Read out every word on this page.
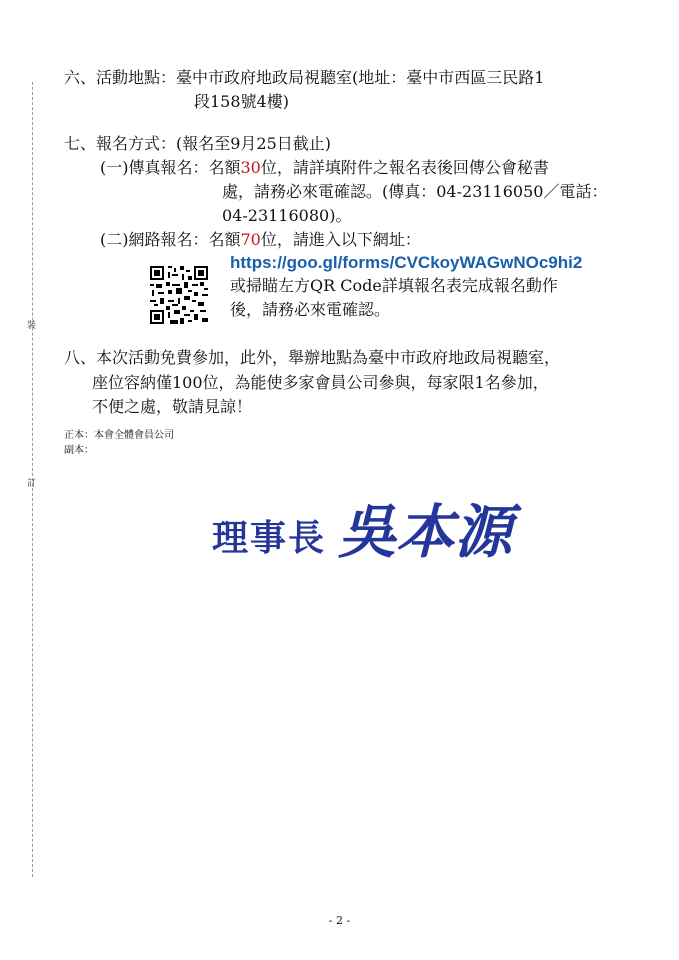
裝
訂
六、活動地點：臺中市政府地政局視聽室(地址：臺中市西區三民路1
段158號4樓)
七、報名方式：(報名至9月25日截止)
(一)傳真報名：名額30位，請詳填附件之報名表後回傳公會秘書
處，請務必來電確認。(傳真：04-23116050／電話：
04-23116080)。
(二)網路報名：名額70位，請進入以下網址：
https://goo.gl/forms/CVCkoyWAGwNOc9hi2
或掃瞄左方QR Code詳填報名表完成報名動作
後，請務必來電確認。
八、本次活動免費參加，此外，舉辦地點為臺中市政府地政局視聽室，
座位容納僅100位，為能使多家會員公司參與，每家限1名參加，
不便之處，敬請見諒！
正本：本會全體會員公司
副本：
理事長 吳本源
- 2 -
